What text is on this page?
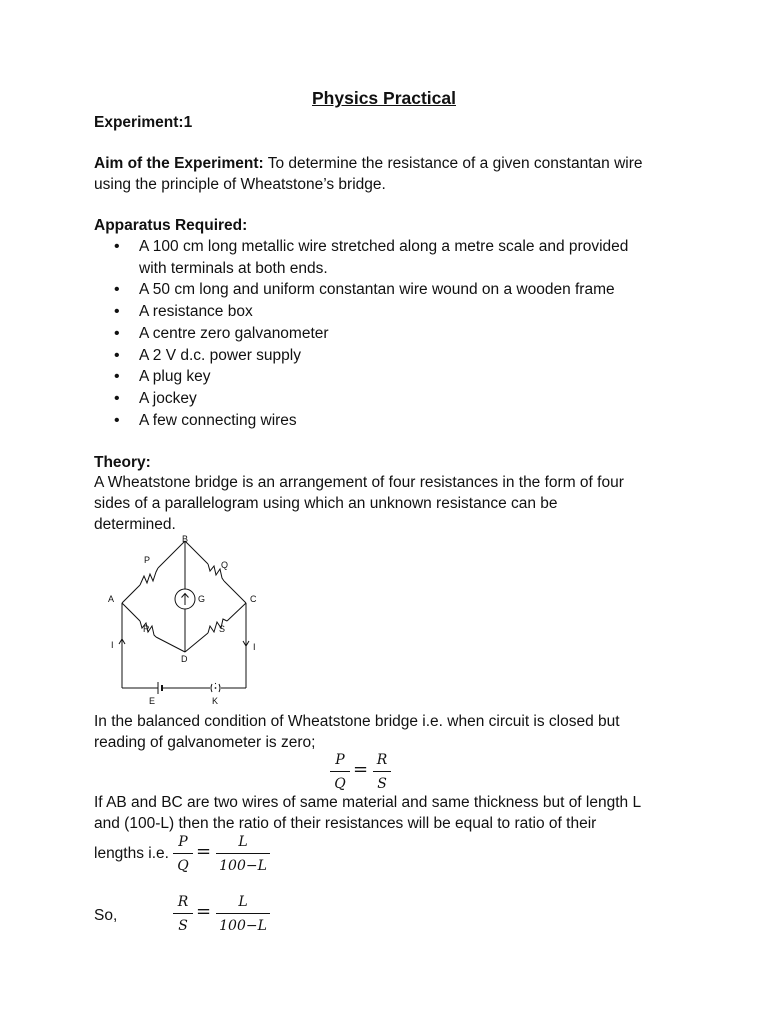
Physics Practical
Experiment:1
Aim of the Experiment: To determine the resistance of a given constantan wire
using the principle of Wheatstone’s bridge.
Apparatus Required:
• A 100 cm long metallic wire stretched along a metre scale and provided
with terminals at both ends.
• A 50 cm long and uniform constantan wire wound on a wooden frame
• A resistance box
• A centre zero galvanometer
• A 2 V d.c. power supply
• A plug key
• A jockey
• A few connecting wires
Theory:
A Wheatstone bridge is an arrangement of four resistances in the form of four
sides of a parallelogram using which an unknown resistance can be
determined.
B
P	Q
A	C
G
R	S
D
I	I
E	K
In the balanced condition of Wheatstone bridge i.e. when circuit is closed but
reading of galvanometer is zero;
P
Q
= R
S
If AB and BC are two wires of same material and same thickness but of length L
and (100-L) then the ratio of their resistances will be equal to ratio of their
lengths i.e.
P
Q
=	L
100−L
So,
R
S
=	L
100−L
